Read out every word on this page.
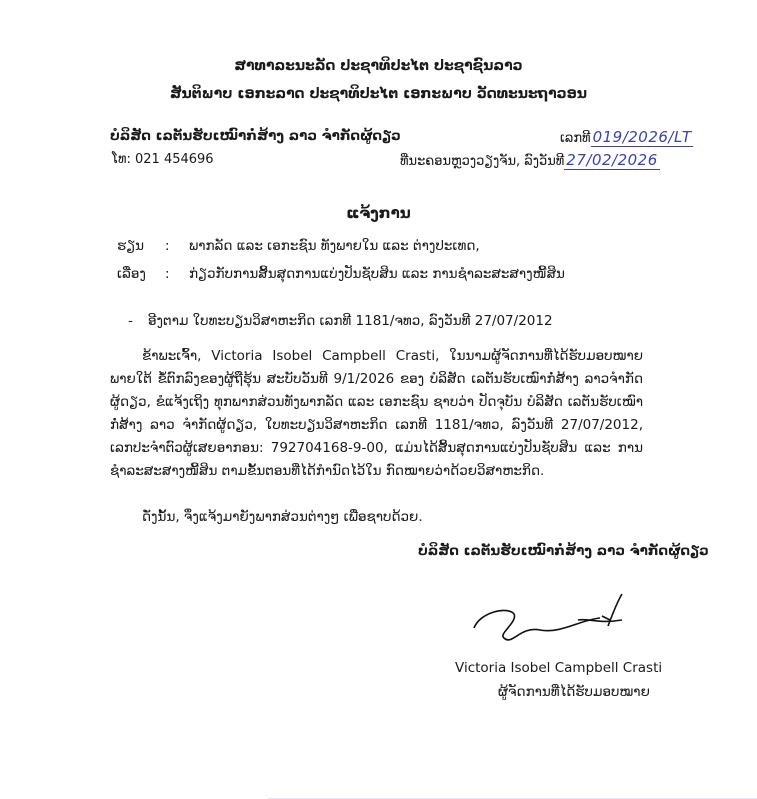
ສາທາລະນະລັດ ປະຊາທິປະໄຕ ປະຊາຊົນລາວ
ສັນຕິພາບ ເອກະລາດ ປະຊາທິປະໄຕ ເອກະພາບ ວັດທະນະຖາວອນ
ບໍລິສັດ ເລຕັນຮັບເໝົາກໍ່ສ້າງ ລາວ ຈຳກັດຜູ້ດຽວ
ໂທ: 021 454696
ເລກທີ 019/2026/LT
ທີ່ນະຄອນຫຼວງວຽງຈັນ, ລົງວັນທີ 27/02/2026
ແຈ້ງການ
ຮຽນ : ພາກລັດ ແລະ ເອກະຊົນ ທັງພາຍໃນ ແລະ ຕ່າງປະເທດ,
ເລື່ອງ : ກ່ຽວກັບການສິ້ນສຸດການແບ່ງປັນຊັບສິນ ແລະ ການຊຳລະສະສາງໜີ້ສິນ
- ອີງຕາມ ໃບທະບຽນວິສາຫະກິດ ເລກທີ 1181/ຈທວ, ລົງວັນທີ 27/07/2012
ຂ້າພະເຈົ້າ, Victoria Isobel Campbell Crasti, ໃນນາມຜູ້ຈັດການທີ່ໄດ້ຮັບມອບໝາຍ ພາຍໃຕ້ ຂໍ້ຕົກລົງຂອງຜູ້ຖືຮຸ້ນ ສະບັບວັນທີ 9/1/2026 ຂອງ ບໍລິສັດ ເລຕັນຮັບເໝົາກໍ່ສ້າງ ລາວຈຳກັດຜູ້ດຽວ, ຂໍແຈ້ງເຖິງ ທຸກພາກສ່ວນທັງພາກລັດ ແລະ ເອກະຊົນ ຊາບວ່າ ປັດຈຸບັນ ບໍລິສັດ ເລຕັນຮັບເໝົາກໍ່ສ້າງ ລາວ ຈຳກັດຜູ້ດຽວ, ໃບທະບຽນວິສາຫະກິດ ເລກທີ 1181/ຈທວ, ລົງວັນທີ 27/07/2012, ເລກປະຈຳຕົວຜູ້ເສຍອາກອນ: 792704168-9-00, ແມ່ນໄດ້ສິ້ນສຸດການແບ່ງປັນຊັບສິນ ແລະ ການຊຳລະສະສາງໜີ້ສິນ ຕາມຂັ້ນຕອນທີ່ໄດ້ກຳນົດໄວ້ໃນ ກົດໝາຍວ່າດ້ວຍວິສາຫະກິດ.
ດັ່ງນັ້ນ, ຈຶ່ງແຈ້ງມາຍັງພາກສ່ວນຕ່າງໆ ເພື່ອຊາບດ້ວຍ.
ບໍລິສັດ ເລຕັນຮັບເໝົາກໍ່ສ້າງ ລາວ ຈຳກັດຜູ້ດຽວ
Victoria Isobel Campbell Crasti
ຜູ້ຈັດການທີ່ໄດ້ຮັບມອບໝາຍ
